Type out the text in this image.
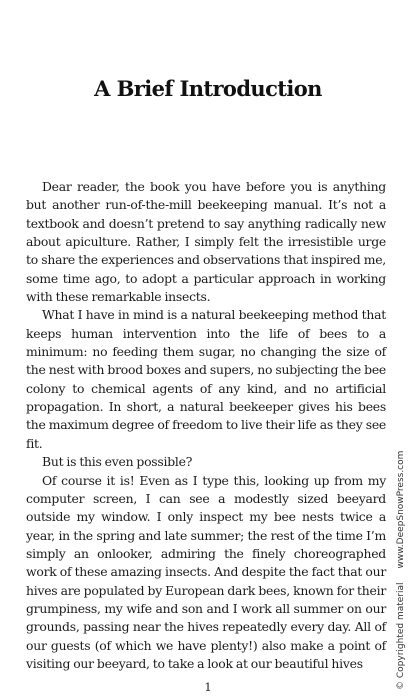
A Brief Introduction

Dear reader, the book you have before you is anything but another run-of-the-mill beekeeping manual. It’s not a textbook and doesn’t pretend to say anything radically new about apiculture. Rather, I simply felt the irresistible urge to share the experiences and observations that inspired me, some time ago, to adopt a particular approach in working with these remarkable insects.

What I have in mind is a natural beekeeping method that keeps human intervention into the life of bees to a minimum: no feeding them sugar, no changing the size of the nest with brood boxes and supers, no subjecting the bee colony to chemical agents of any kind, and no artificial propagation. In short, a natural beekeeper gives his bees the maximum degree of freedom to live their life as they see fit.

But is this even possible?

Of course it is! Even as I type this, looking up from my computer screen, I can see a modestly sized beeyard outside my window. I only inspect my bee nests twice a year, in the spring and late summer; the rest of the time I’m simply an onlooker, admiring the finely choreographed work of these amazing insects. And despite the fact that our hives are populated by European dark bees, known for their grumpiness, my wife and son and I work all summer on our grounds, passing near the hives repeatedly every day. All of our guests (of which we have plenty!) also make a point of visiting our beeyard, to take a look at our beautiful hives

1	© Copyrighted materialwww.DeepSnowPress.com
